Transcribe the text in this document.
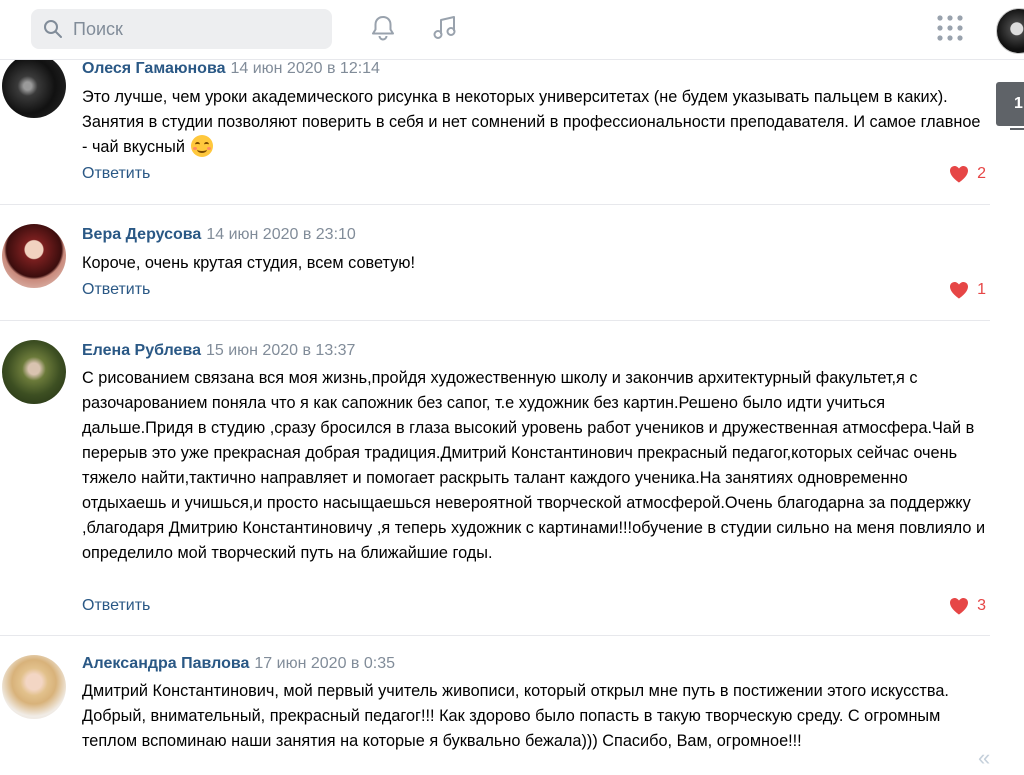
Поиск
Олеся Гамаюнова 14 июн 2020 в 12:14
Это лучше, чем уроки академического рисунка в некоторых университетах (не будем указывать пальцем в каких). Занятия в студии позволяют поверить в себя и нет сомнений в профессиональности преподавателя. И самое главное - чай вкусный
Ответить	2
Вера Дерусова 14 июн 2020 в 23:10
Короче, очень крутая студия, всем советую!
Ответить	1
Елена Рублева 15 июн 2020 в 13:37
С рисованием связана вся моя жизнь,пройдя художественную школу и закончив архитектурный факультет,я с разочарованием поняла что я как сапожник без сапог, т.е художник без картин.Решено было идти учиться дальше.Придя в студию ,сразу бросился в глаза высокий уровень работ учеников и дружественная атмосфера.Чай в перерыв это уже прекрасная добрая традиция.Дмитрий Константинович прекрасный педагог,которых сейчас очень тяжело найти,тактично направляет и помогает раскрыть талант каждого ученика.На занятиях одновременно отдыхаешь и учишься,и просто насыщаешься невероятной творческой атмосферой.Очень благодарна за поддержку ,благодаря Дмитрию Константиновичу ,я теперь художник с картинами!!!обучение в студии сильно на меня повлияло и определило мой творческий путь на ближайшие годы.
Ответить	3
Александра Павлова 17 июн 2020 в 0:35
Дмитрий Константинович, мой первый учитель живописи, который открыл мне путь в постижении этого искусства. Добрый, внимательный, прекрасный педагог!!! Как здорово было попасть в такую творческую среду. С огромным теплом вспоминаю наши занятия на которые я буквально бежала))) Спасибо, Вам, огромное!!!
1
«
